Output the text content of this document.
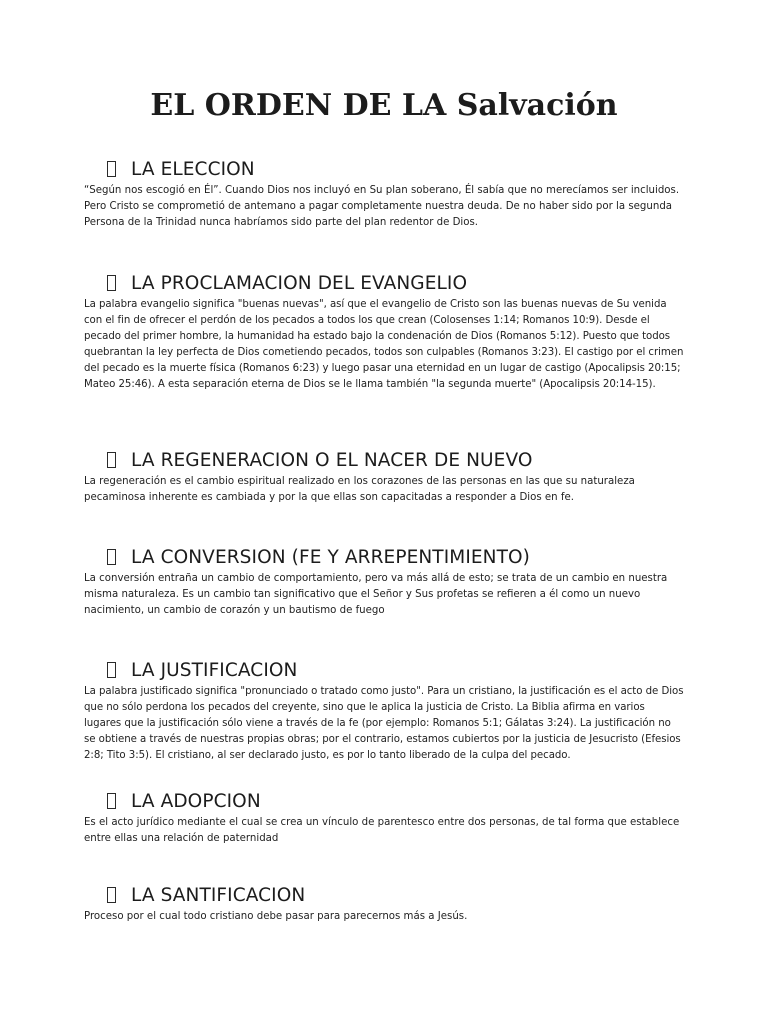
EL ORDEN DE LA Salvación
LA ELECCION

“Según nos escogió en Él”. Cuando Dios nos incluyó en Su plan soberano, Él sabía que no merecíamos ser incluidos. Pero Cristo se comprometió de antemano a pagar completamente nuestra deuda. De no haber sido por la segunda Persona de la Trinidad nunca habríamos sido parte del plan redentor de Dios.

LA PROCLAMACION DEL EVANGELIO

La palabra evangelio significa "buenas nuevas", así que el evangelio de Cristo son las buenas nuevas de Su venida con el fin de ofrecer el perdón de los pecados a todos los que crean (Colosenses 1:14; Romanos 10:9). Desde el pecado del primer hombre, la humanidad ha estado bajo la condenación de Dios (Romanos 5:12). Puesto que todos quebrantan la ley perfecta de Dios cometiendo pecados, todos son culpables (Romanos 3:23). El castigo por el crimen del pecado es la muerte física (Romanos 6:23) y luego pasar una eternidad en un lugar de castigo (Apocalipsis 20:15; Mateo 25:46). A esta separación eterna de Dios se le llama también "la segunda muerte" (Apocalipsis 20:14-15).

LA REGENERACION O EL NACER DE NUEVO

La regeneración es el cambio espiritual realizado en los corazones de las personas en las que su naturaleza pecaminosa inherente es cambiada y por la que ellas son capacitadas a responder a Dios en fe.

LA CONVERSION (FE Y ARREPENTIMIENTO)

La conversión entraña un cambio de comportamiento, pero va más allá de esto; se trata de un cambio en nuestra misma naturaleza. Es un cambio tan significativo que el Señor y Sus profetas se refieren a él como un nuevo nacimiento, un cambio de corazón y un bautismo de fuego

LA JUSTIFICACION

La palabra justificado significa "pronunciado o tratado como justo". Para un cristiano, la justificación es el acto de Dios que no sólo perdona los pecados del creyente, sino que le aplica la justicia de Cristo. La Biblia afirma en varios lugares que la justificación sólo viene a través de la fe (por ejemplo: Romanos 5:1; Gálatas 3:24). La justificación no se obtiene a través de nuestras propias obras; por el contrario, estamos cubiertos por la justicia de Jesucristo (Efesios 2:8; Tito 3:5). El cristiano, al ser declarado justo, es por lo tanto liberado de la culpa del pecado.

LA ADOPCION

Es el acto jurídico mediante el cual se crea un vínculo de parentesco entre dos personas, de tal forma que establece entre ellas una relación de paternidad

LA SANTIFICACION

Proceso por el cual todo cristiano debe pasar para parecernos más a Jesús.
